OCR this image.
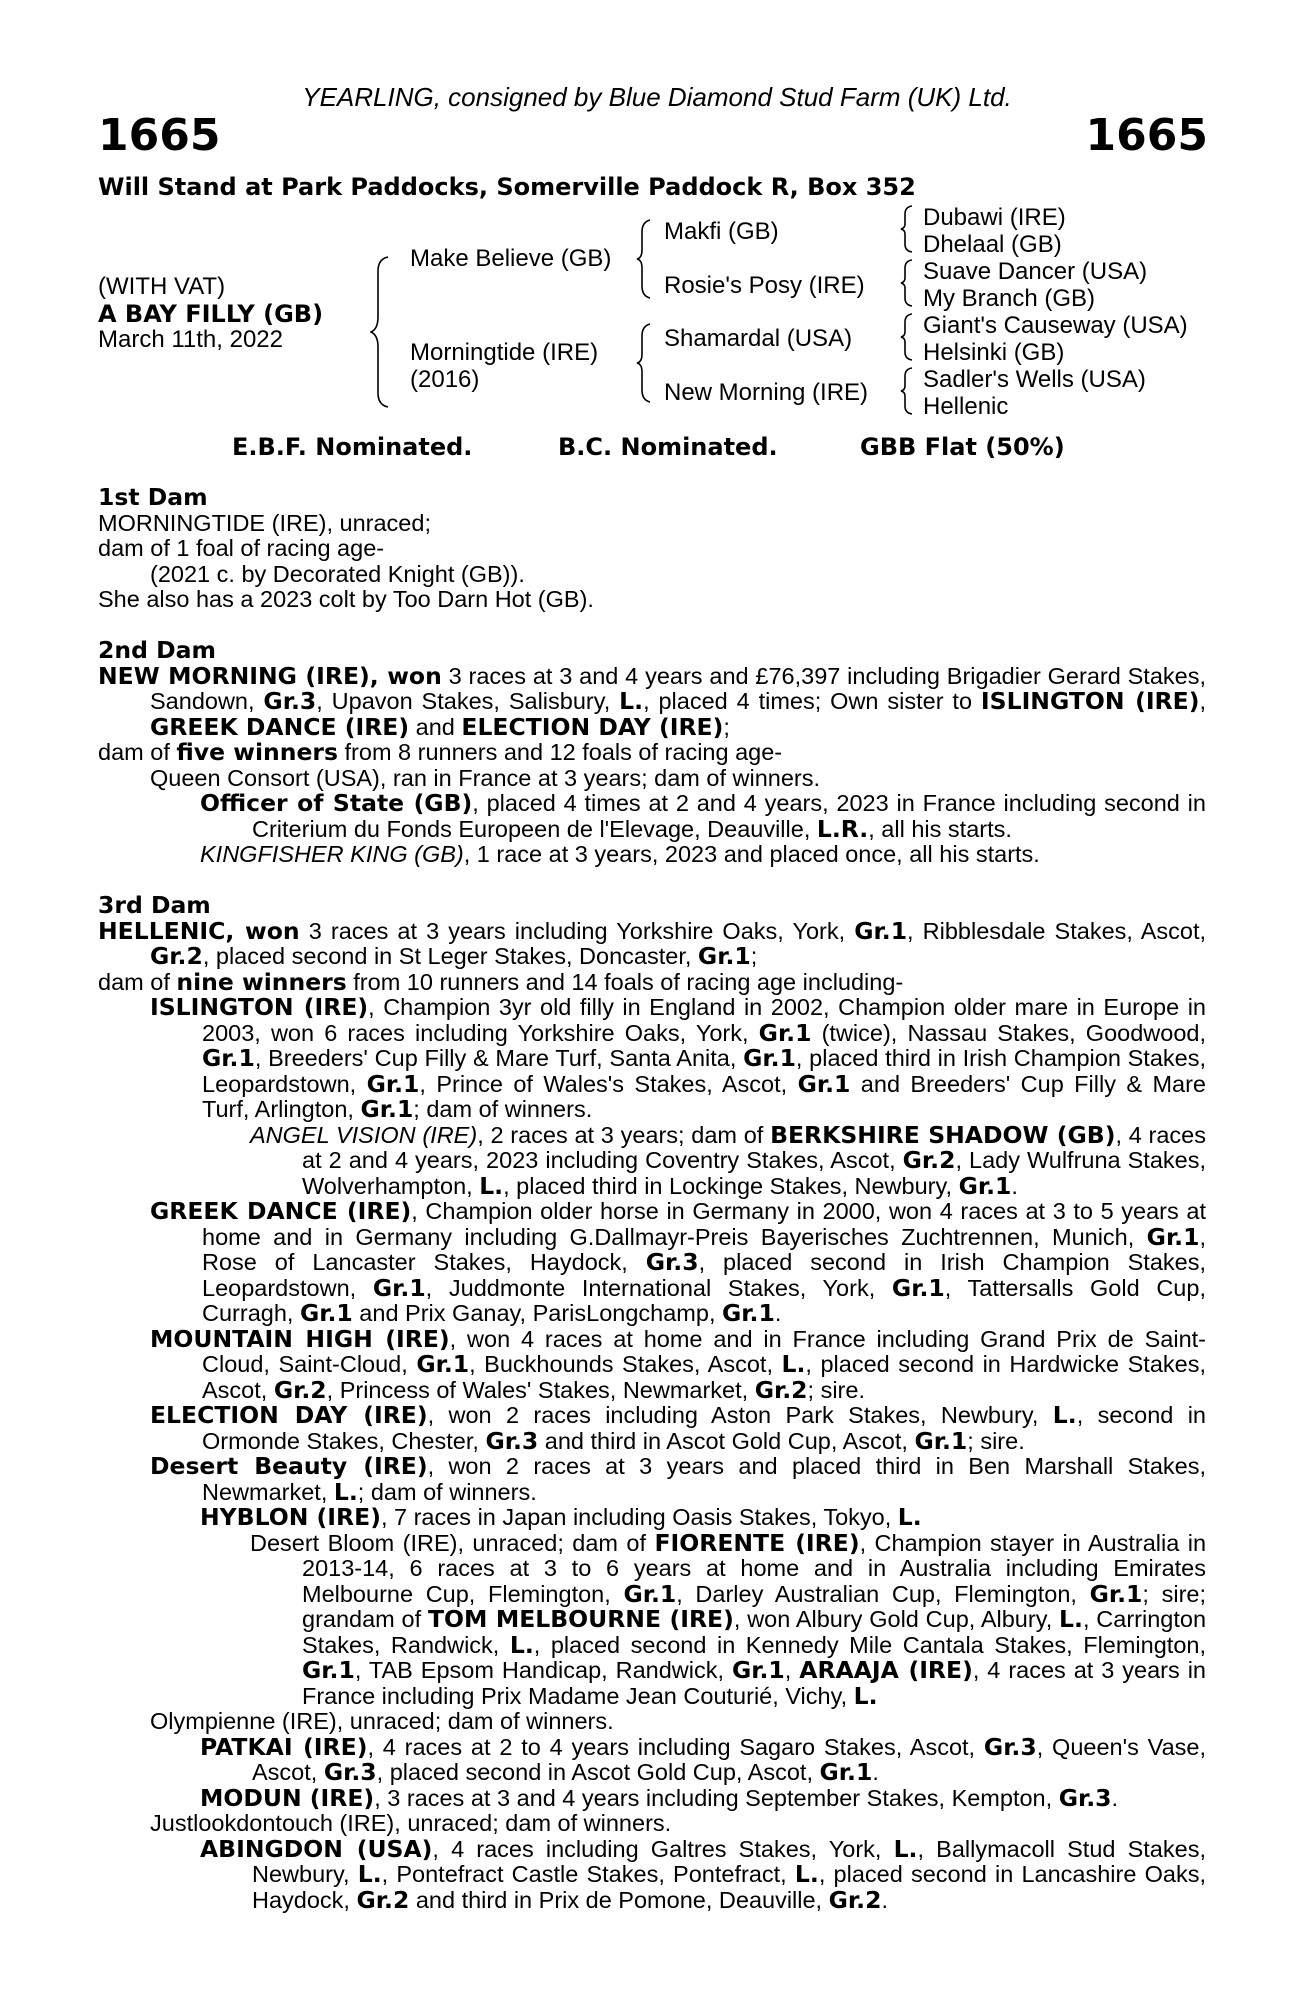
YEARLING, consigned by Blue Diamond Stud Farm (UK) Ltd.
1665	1665
Will Stand at Park Paddocks, Somerville Paddock R, Box 352
(WITH VAT)
A BAY FILLY (GB)
March 11th, 2022
Make Believe (GB)
Morningtide (IRE)
(2016)
Makfi (GB)
Rosie's Posy (IRE)
Shamardal (USA)
New Morning (IRE)
Dubawi (IRE)
Dhelaal (GB)
Suave Dancer (USA)
My Branch (GB)
Giant's Causeway (USA)
Helsinki (GB)
Sadler's Wells (USA)
Hellenic
E.B.F. Nominated.	B.C. Nominated.	GBB Flat (50%)

1st Dam

MORNINGTIDE (IRE), unraced;

dam of 1 foal of racing age-

(2021 c. by Decorated Knight (GB)).

She also has a 2023 colt by Too Darn Hot (GB).

2nd Dam

NEW MORNING (IRE), won 3 races at 3 and 4 years and £76,397 including Brigadier Gerard Stakes, Sandown, Gr.3, Upavon Stakes, Salisbury, L., placed 4 times; Own sister to ISLINGTON (IRE), GREEK DANCE (IRE) and ELECTION DAY (IRE);

dam of five winners from 8 runners and 12 foals of racing age-

Queen Consort (USA), ran in France at 3 years; dam of winners.

Officer of State (GB), placed 4 times at 2 and 4 years, 2023 in France including second in Criterium du Fonds Europeen de l'Elevage, Deauville, L.R., all his starts.

KINGFISHER KING (GB), 1 race at 3 years, 2023 and placed once, all his starts.

3rd Dam

HELLENIC, won 3 races at 3 years including Yorkshire Oaks, York, Gr.1, Ribblesdale Stakes, Ascot, Gr.2, placed second in St Leger Stakes, Doncaster, Gr.1;

dam of nine winners from 10 runners and 14 foals of racing age including-

ISLINGTON (IRE), Champion 3yr old filly in England in 2002, Champion older mare in Europe in 2003, won 6 races including Yorkshire Oaks, York, Gr.1 (twice), Nassau Stakes, Goodwood, Gr.1, Breeders' Cup Filly & Mare Turf, Santa Anita, Gr.1, placed third in Irish Champion Stakes, Leopardstown, Gr.1, Prince of Wales's Stakes, Ascot, Gr.1 and Breeders' Cup Filly & Mare Turf, Arlington, Gr.1; dam of winners.

ANGEL VISION (IRE), 2 races at 3 years; dam of BERKSHIRE SHADOW (GB), 4 races at 2 and 4 years, 2023 including Coventry Stakes, Ascot, Gr.2, Lady Wulfruna Stakes, Wolverhampton, L., placed third in Lockinge Stakes, Newbury, Gr.1.

GREEK DANCE (IRE), Champion older horse in Germany in 2000, won 4 races at 3 to 5 years at home and in Germany including G.Dallmayr-Preis Bayerisches Zuchtrennen, Munich, Gr.1, Rose of Lancaster Stakes, Haydock, Gr.3, placed second in Irish Champion Stakes, Leopardstown, Gr.1, Juddmonte International Stakes, York, Gr.1, Tattersalls Gold Cup, Curragh, Gr.1 and Prix Ganay, ParisLongchamp, Gr.1.

MOUNTAIN HIGH (IRE), won 4 races at home and in France including Grand Prix de Saint-Cloud, Saint-Cloud, Gr.1, Buckhounds Stakes, Ascot, L., placed second in Hardwicke Stakes, Ascot, Gr.2, Princess of Wales' Stakes, Newmarket, Gr.2; sire.

ELECTION DAY (IRE), won 2 races including Aston Park Stakes, Newbury, L., second in Ormonde Stakes, Chester, Gr.3 and third in Ascot Gold Cup, Ascot, Gr.1; sire.

Desert Beauty (IRE), won 2 races at 3 years and placed third in Ben Marshall Stakes, Newmarket, L.; dam of winners.

HYBLON (IRE), 7 races in Japan including Oasis Stakes, Tokyo, L.

Desert Bloom (IRE), unraced; dam of FIORENTE (IRE), Champion stayer in Australia in 2013-14, 6 races at 3 to 6 years at home and in Australia including Emirates Melbourne Cup, Flemington, Gr.1, Darley Australian Cup, Flemington, Gr.1; sire; grandam of TOM MELBOURNE (IRE), won Albury Gold Cup, Albury, L., Carrington Stakes, Randwick, L., placed second in Kennedy Mile Cantala Stakes, Flemington, Gr.1, TAB Epsom Handicap, Randwick, Gr.1, ARAAJA (IRE), 4 races at 3 years in France including Prix Madame Jean Couturié, Vichy, L.

Olympienne (IRE), unraced; dam of winners.

PATKAI (IRE), 4 races at 2 to 4 years including Sagaro Stakes, Ascot, Gr.3, Queen's Vase, Ascot, Gr.3, placed second in Ascot Gold Cup, Ascot, Gr.1.

MODUN (IRE), 3 races at 3 and 4 years including September Stakes, Kempton, Gr.3.

Justlookdontouch (IRE), unraced; dam of winners.

ABINGDON (USA), 4 races including Galtres Stakes, York, L., Ballymacoll Stud Stakes, Newbury, L., Pontefract Castle Stakes, Pontefract, L., placed second in Lancashire Oaks, Haydock, Gr.2 and third in Prix de Pomone, Deauville, Gr.2.
